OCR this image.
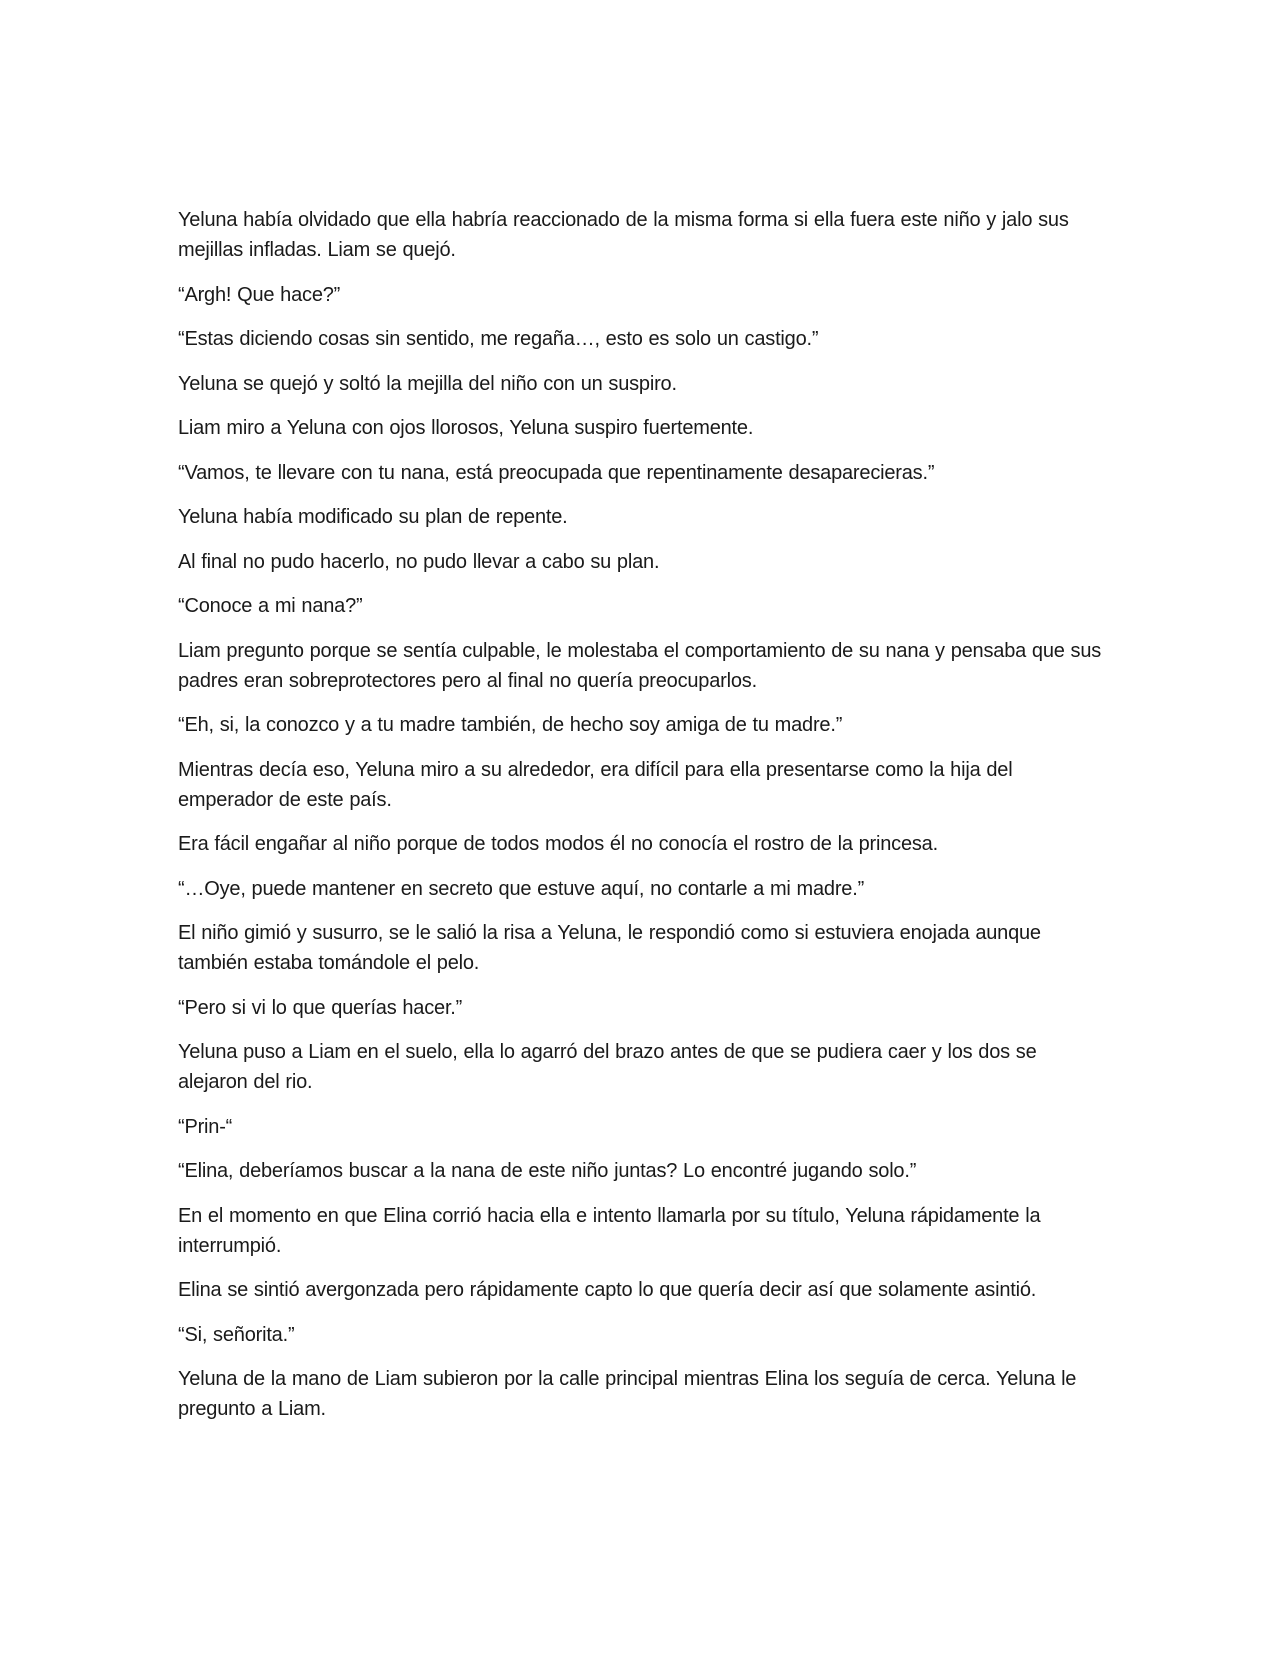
Yeluna había olvidado que ella habría reaccionado de la misma forma si ella fuera este niño y jalo sus mejillas infladas. Liam se quejó.

“Argh! Que hace?”

“Estas diciendo cosas sin sentido, me regaña…, esto es solo un castigo.”

Yeluna se quejó y soltó la mejilla del niño con un suspiro.

Liam miro a Yeluna con ojos llorosos, Yeluna suspiro fuertemente.

“Vamos, te llevare con tu nana, está preocupada que repentinamente desaparecieras.”

Yeluna había modificado su plan de repente.

Al final no pudo hacerlo, no pudo llevar a cabo su plan.

“Conoce a mi nana?”

Liam pregunto porque se sentía culpable, le molestaba el comportamiento de su nana y pensaba que sus padres eran sobreprotectores pero al final no quería preocuparlos.

“Eh, si, la conozco y a tu madre también, de hecho soy amiga de tu madre.”

Mientras decía eso, Yeluna miro a su alrededor, era difícil para ella presentarse como la hija del emperador de este país.

Era fácil engañar al niño porque de todos modos él no conocía el rostro de la princesa.

“…Oye, puede mantener en secreto que estuve aquí, no contarle a mi madre.”

El niño gimió y susurro, se le salió la risa a Yeluna, le respondió como si estuviera enojada aunque también estaba tomándole el pelo.

“Pero si vi lo que querías hacer.”

Yeluna puso a Liam en el suelo, ella lo agarró del brazo antes de que se pudiera caer y los dos se alejaron del rio.

“Prin-“

“Elina, deberíamos buscar a la nana de este niño juntas? Lo encontré jugando solo.”

En el momento en que Elina corrió hacia ella e intento llamarla por su título, Yeluna rápidamente la interrumpió.

Elina se sintió avergonzada pero rápidamente capto lo que quería decir así que solamente asintió.

“Si, señorita.”

Yeluna de la mano de Liam subieron por la calle principal mientras Elina los seguía de cerca. Yeluna le pregunto a Liam.
